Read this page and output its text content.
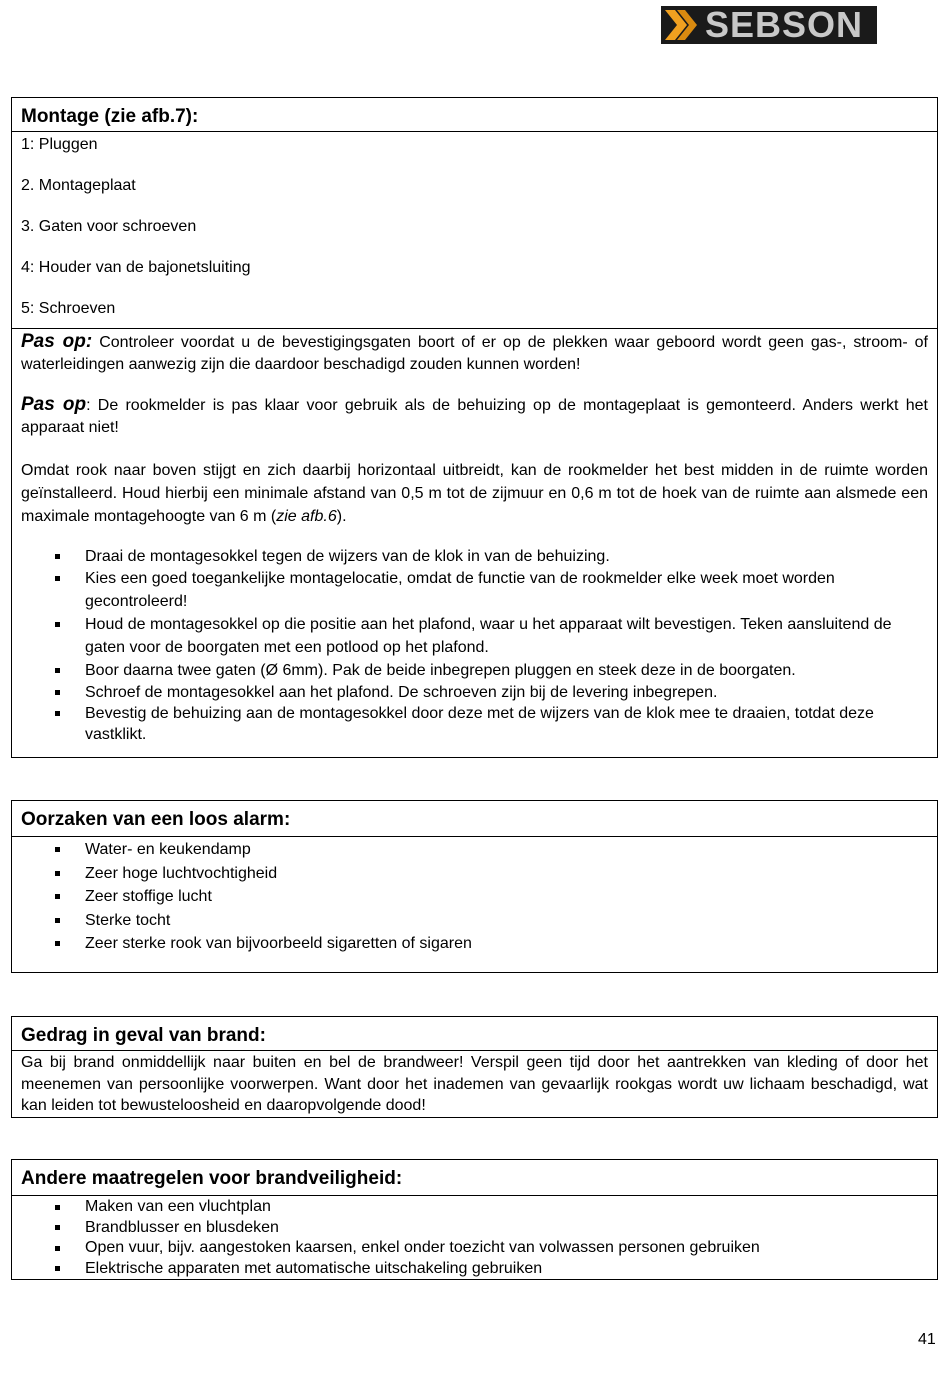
SEBSON
Montage (zie afb.7):
1: Pluggen
2. Montageplaat
3. Gaten voor schroeven
4: Houder van de bajonetsluiting
5: Schroeven
Pas op: Controleer voordat u de bevestigingsgaten boort of er op de plekken waar geboord wordt geen gas-, stroom- of waterleidingen aanwezig zijn die daardoor beschadigd zouden kunnen worden!
Pas op: De rookmelder is pas klaar voor gebruik als de behuizing op de montageplaat is gemonteerd. Anders werkt het apparaat niet!
Omdat rook naar boven stijgt en zich daarbij horizontaal uitbreidt, kan de rookmelder het best midden in de ruimte worden geïnstalleerd. Houd hierbij een minimale afstand van 0,5 m tot de zijmuur en 0,6 m tot de hoek van de ruimte aan alsmede een maximale montagehoogte van 6 m (zie afb.6).
Draai de montagesokkel tegen de wijzers van de klok in van de behuizing.
Kies een goed toegankelijke montagelocatie, omdat de functie van de rookmelder elke week moet worden gecontroleerd!
Houd de montagesokkel op die positie aan het plafond, waar u het apparaat wilt bevestigen. Teken aansluitend de gaten voor de boorgaten met een potlood op het plafond.
Boor daarna twee gaten (Ø 6mm). Pak de beide inbegrepen pluggen en steek deze in de boorgaten.
Schroef de montagesokkel aan het plafond. De schroeven zijn bij de levering inbegrepen.
Bevestig de behuizing aan de montagesokkel door deze met de wijzers van de klok mee te draaien, totdat deze vastklikt.
Oorzaken van een loos alarm:
Water- en keukendamp
Zeer hoge luchtvochtigheid
Zeer stoffige lucht
Sterke tocht
Zeer sterke rook van bijvoorbeeld sigaretten of sigaren
Gedrag in geval van brand:
Ga bij brand onmiddellijk naar buiten en bel de brandweer! Verspil geen tijd door het aantrekken van kleding of door het meenemen van persoonlijke voorwerpen. Want door het inademen van gevaarlijk rookgas wordt uw lichaam beschadigd, wat kan leiden tot bewusteloosheid en daaropvolgende dood!
Andere maatregelen voor brandveiligheid:
Maken van een vluchtplan
Brandblusser en blusdeken
Open vuur, bijv. aangestoken kaarsen, enkel onder toezicht van volwassen personen gebruiken
Elektrische apparaten met automatische uitschakeling gebruiken
41
